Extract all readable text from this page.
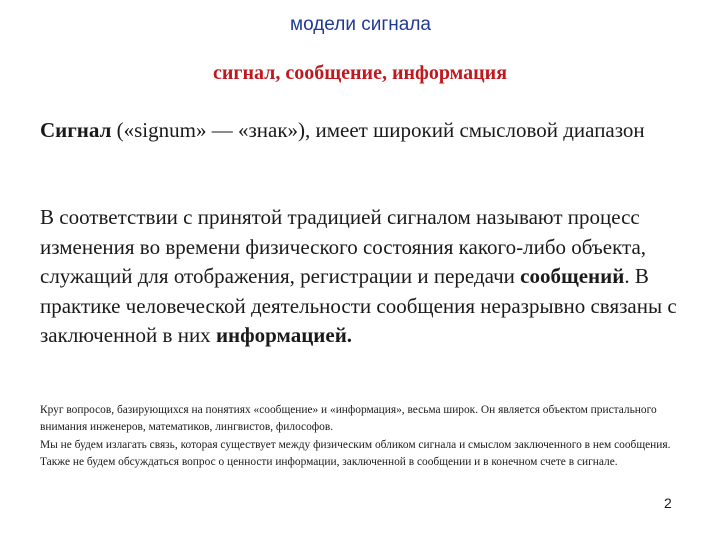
модели сигнала
сигнал, сообщение, информация
Сигнал («signum» — «знак»), имеет широкий смысловой диапазон
В соответствии с принятой традицией сигналом называют процесс изменения во времени физического состояния какого-либо объекта, служащий для отображения, регистрации и передачи сообщений. В практике человеческой деятельности сообщения неразрывно связаны с заключенной в них информацией.

Круг вопросов, базирующихся на понятиях «сообщение» и «информация», весьма широк. Он является объектом пристального внимания инженеров, математиков, лингвистов, философов.

Мы не будем излагать связь, которая существует между физическим обликом сигнала и смыслом заключенного в нем сообщения. Также не будем обсуждаться вопрос о ценности информации, заключенной в сообщении и в конечном счете в сигнале.

2
